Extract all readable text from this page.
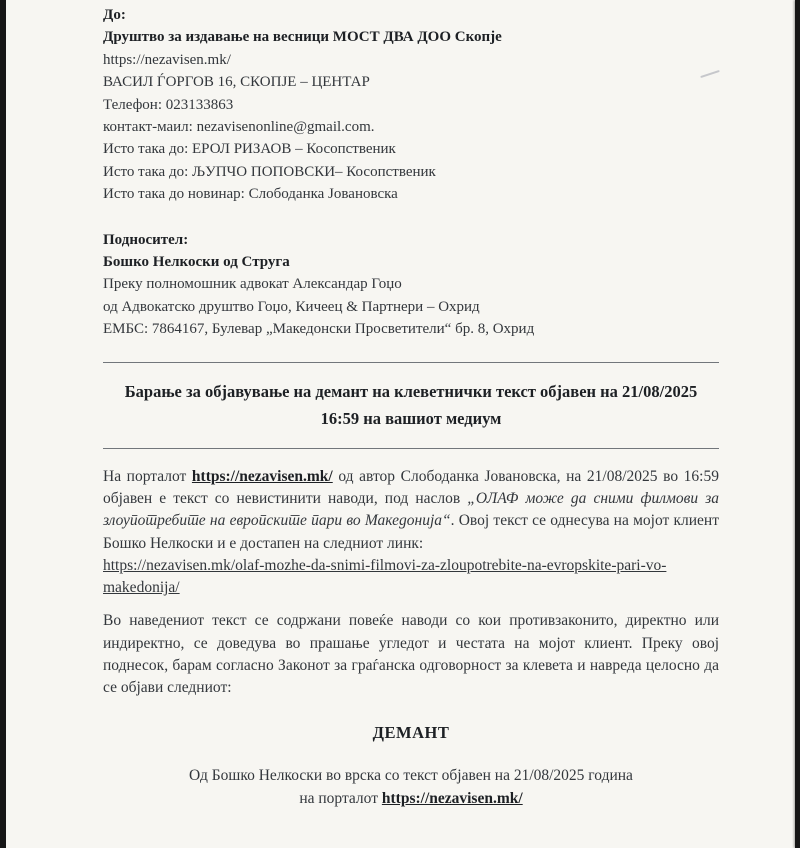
До:
Друштво за издавање на весници МОСТ ДВА ДОО Скопје
https://nezavisen.mk/
ВАСИЛ ЃОРГОВ 16, СКОПЈЕ – ЦЕНТАР
Телефон: 023133863
контакт-маил: nezavisenonline@gmail.com.
Исто така до: ЕРОЛ РИЗАОВ – Косопственик
Исто така до: ЉУПЧО ПОПОВСКИ– Косопственик
Исто така до новинар: Слободанка Јовановска
Подносител:
Бошко Нелкоски од Струга
Преку полномошник адвокат Александар Гоџо
од Адвокатско друштво Гоџо, Кичеец & Партнери – Охрид
ЕМБС: 7864167, Булевар „Македонски Просветители“ бр. 8, Охрид
Барање за објавување на демант на клеветнички текст објавен на 21/08/2025 16:59 на вашиот медиум
На порталот https://nezavisen.mk/ од автор Слободанка Јовановска, на 21/08/2025 во 16:59 објавен е текст со невистинити наводи, под наслов „ОЛАФ може да сними филмови за злоупотребите на европските пари во Македонија“. Овој текст се однесува на мојот клиент Бошко Нелкоски и е достапен на следниот линк:
https://nezavisen.mk/olaf-mozhe-da-snimi-filmovi-za-zloupotrebite-na-evropskite-pari-vo-makedonija/
Во наведениот текст се содржани повеќе наводи со кои противзаконито, директно или индиректно, се доведува во прашање угледот и честата на мојот клиент. Преку овој поднесок, барам согласно Законот за граѓанска одговорност за клевета и навреда целосно да се објави следниот:
ДЕМАНТ
Од Бошко Нелкоски во врска со текст објавен на 21/08/2025 година
на порталот https://nezavisen.mk/
